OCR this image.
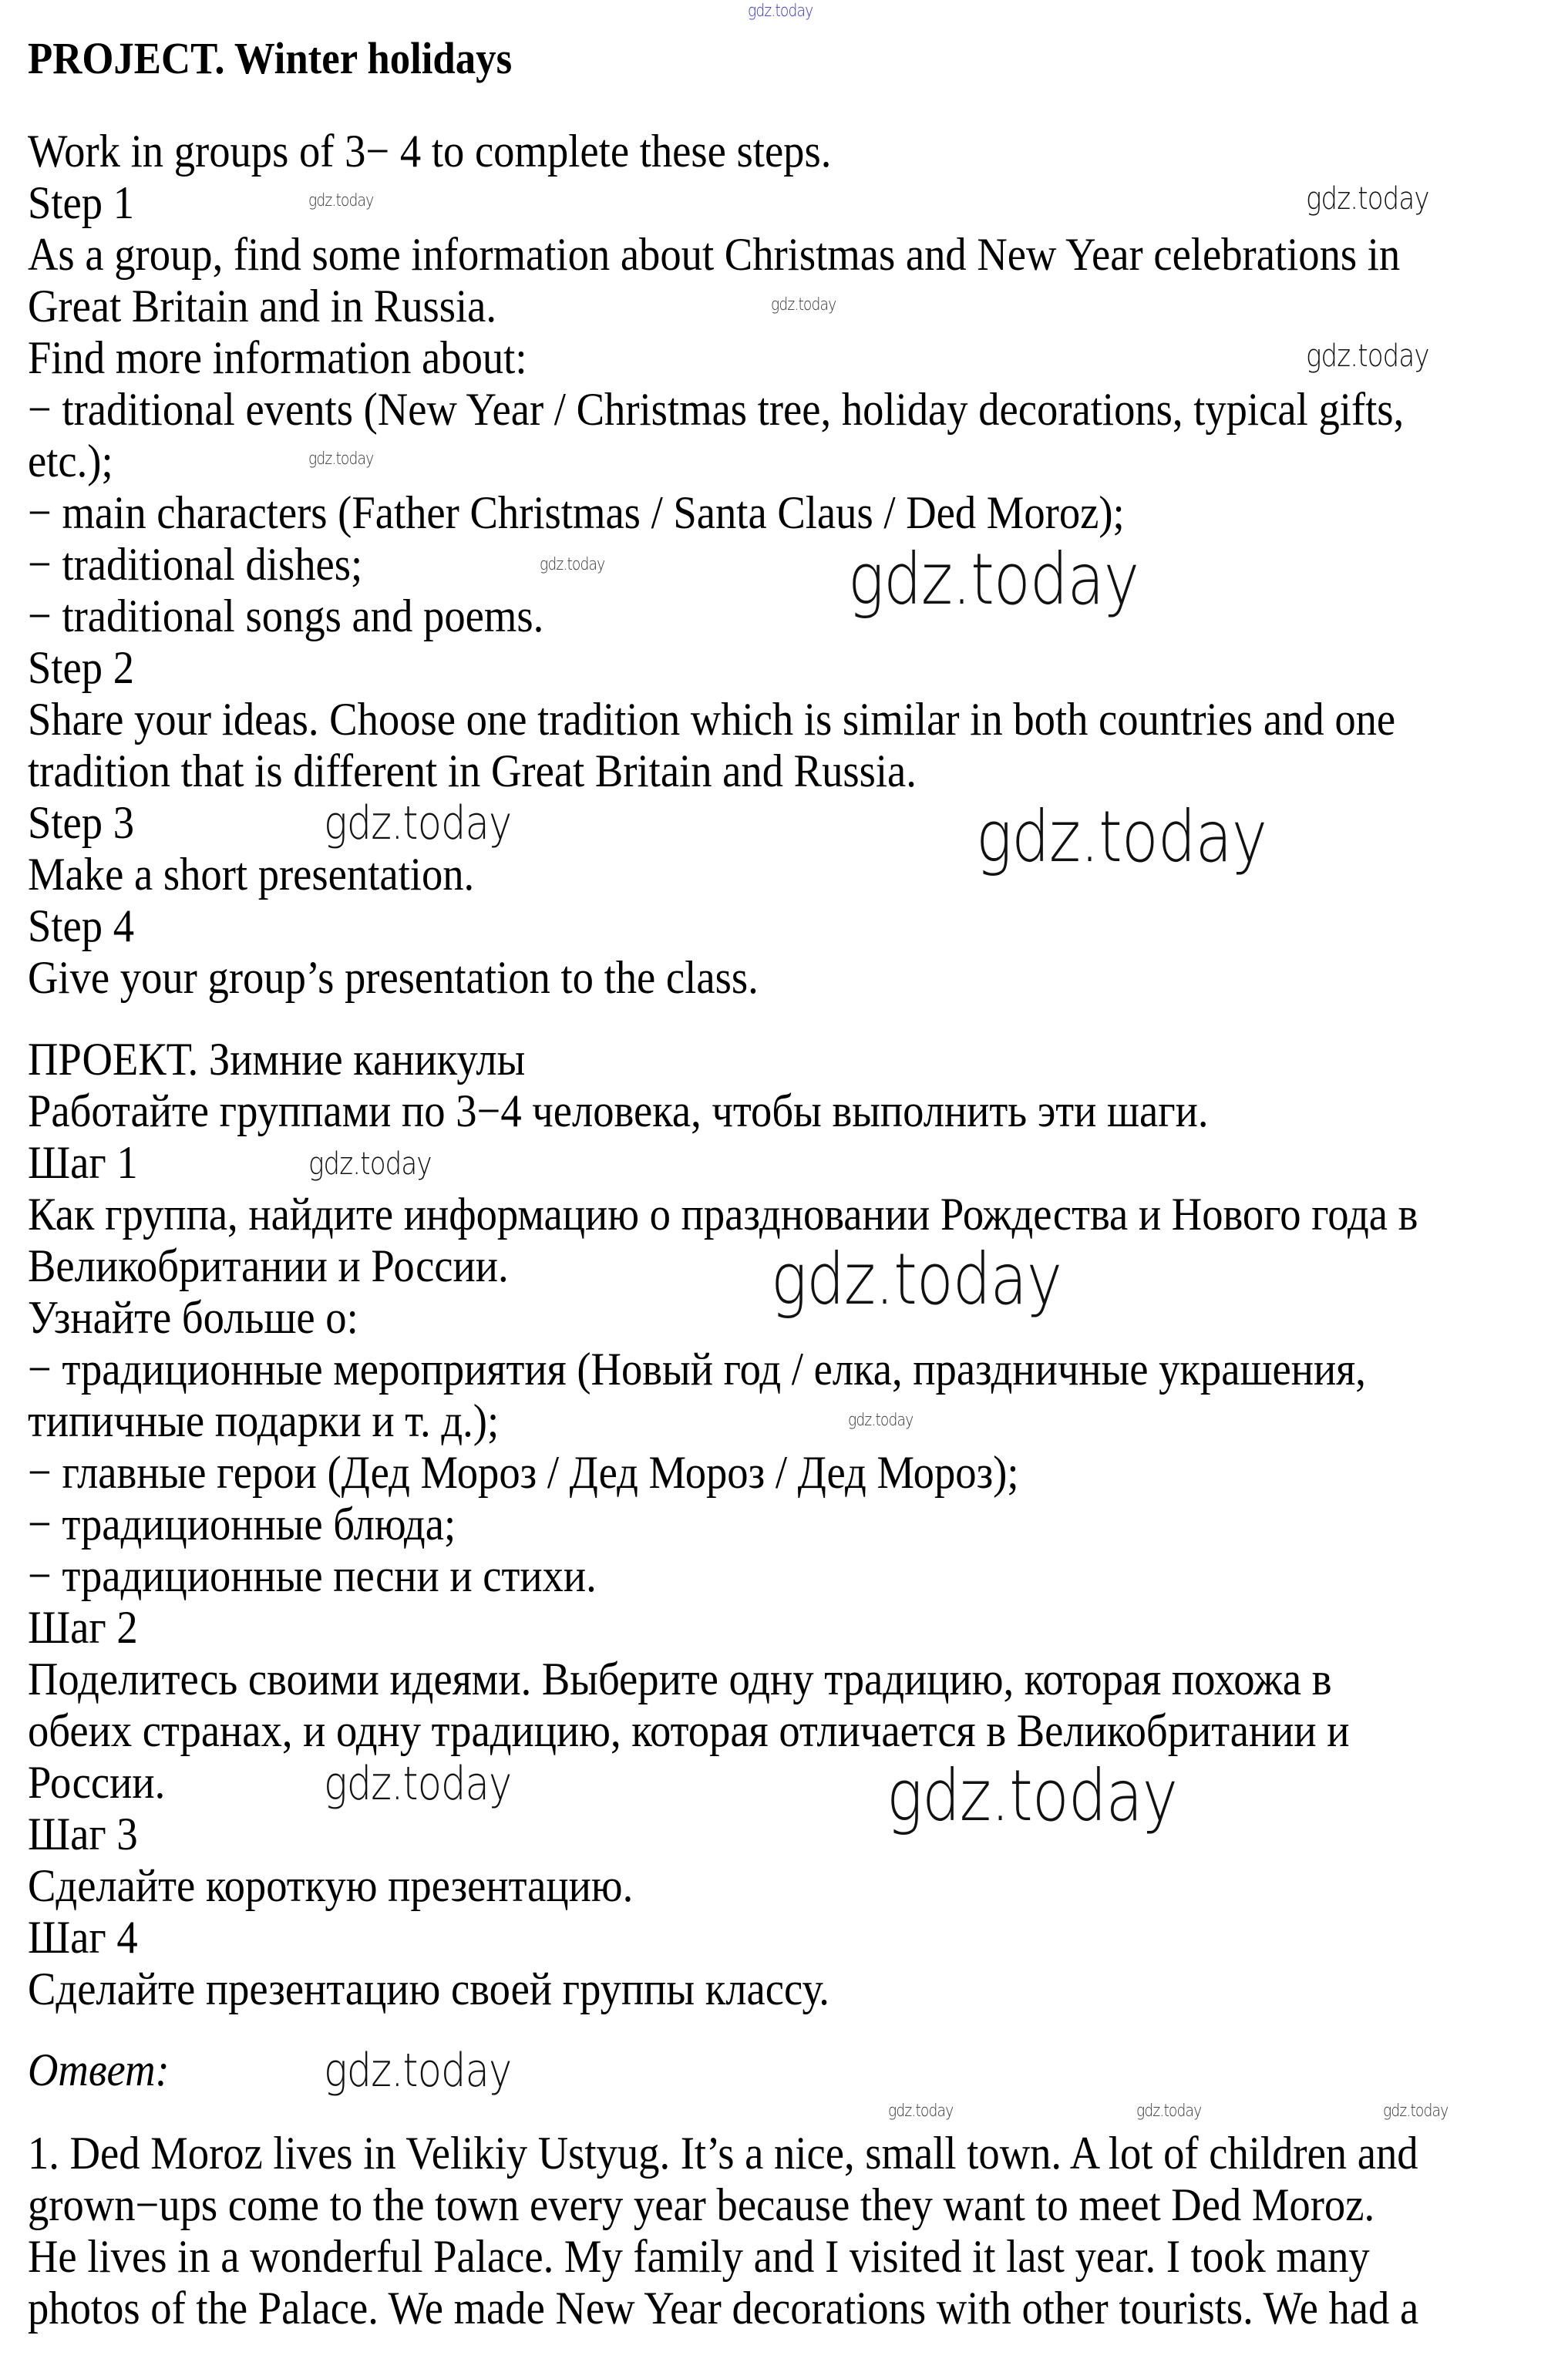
PROJECT. Winter holidays
Work in groups of 3− 4 to complete these steps.
Step 1
As a group, find some information about Christmas and New Year celebrations in
Great Britain and in Russia.
Find more information about:
− traditional events (New Year / Christmas tree, holiday decorations, typical gifts,
etc.);
− main characters (Father Christmas / Santa Claus / Ded Moroz);
− traditional dishes;
− traditional songs and poems.
Step 2
Share your ideas. Choose one tradition which is similar in both countries and one
tradition that is different in Great Britain and Russia.
Step 3
Make a short presentation.
Step 4
Give your group’s presentation to the class.
ПРОЕКТ. Зимние каникулы
Работайте группами по 3−4 человека, чтобы выполнить эти шаги.
Шаг 1
Как группа, найдите информацию о праздновании Рождества и Нового года в
Великобритании и России.
Узнайте больше о:
− традиционные мероприятия (Новый год / елка, праздничные украшения,
типичные подарки и т. д.);
− главные герои (Дед Мороз / Дед Мороз / Дед Мороз);
− традиционные блюда;
− традиционные песни и стихи.
Шаг 2
Поделитесь своими идеями. Выберите одну традицию, которая похожа в
обеих странах, и одну традицию, которая отличается в Великобритании и
России.
Шаг 3
Сделайте короткую презентацию.
Шаг 4
Сделайте презентацию своей группы классу.
Ответ:
1. Ded Moroz lives in Velikiy Ustyug. It’s a nice, small town. A lot of children and
grown−ups come to the town every year because they want to meet Ded Moroz.
He lives in a wonderful Palace. My family and I visited it last year. I took many
photos of the Palace. We made New Year decorations with other tourists. We had a
gdz.today
gdz.today
gdz.today
gdz.today
gdz.today
gdz.today
gdz.today	gdz.today
gdz.today	gdz.today
gdz.today
gdz.today
gdz.today
gdz.today	gdz.today
gdz.today
gdz.today	gdz.today	gdz.today
